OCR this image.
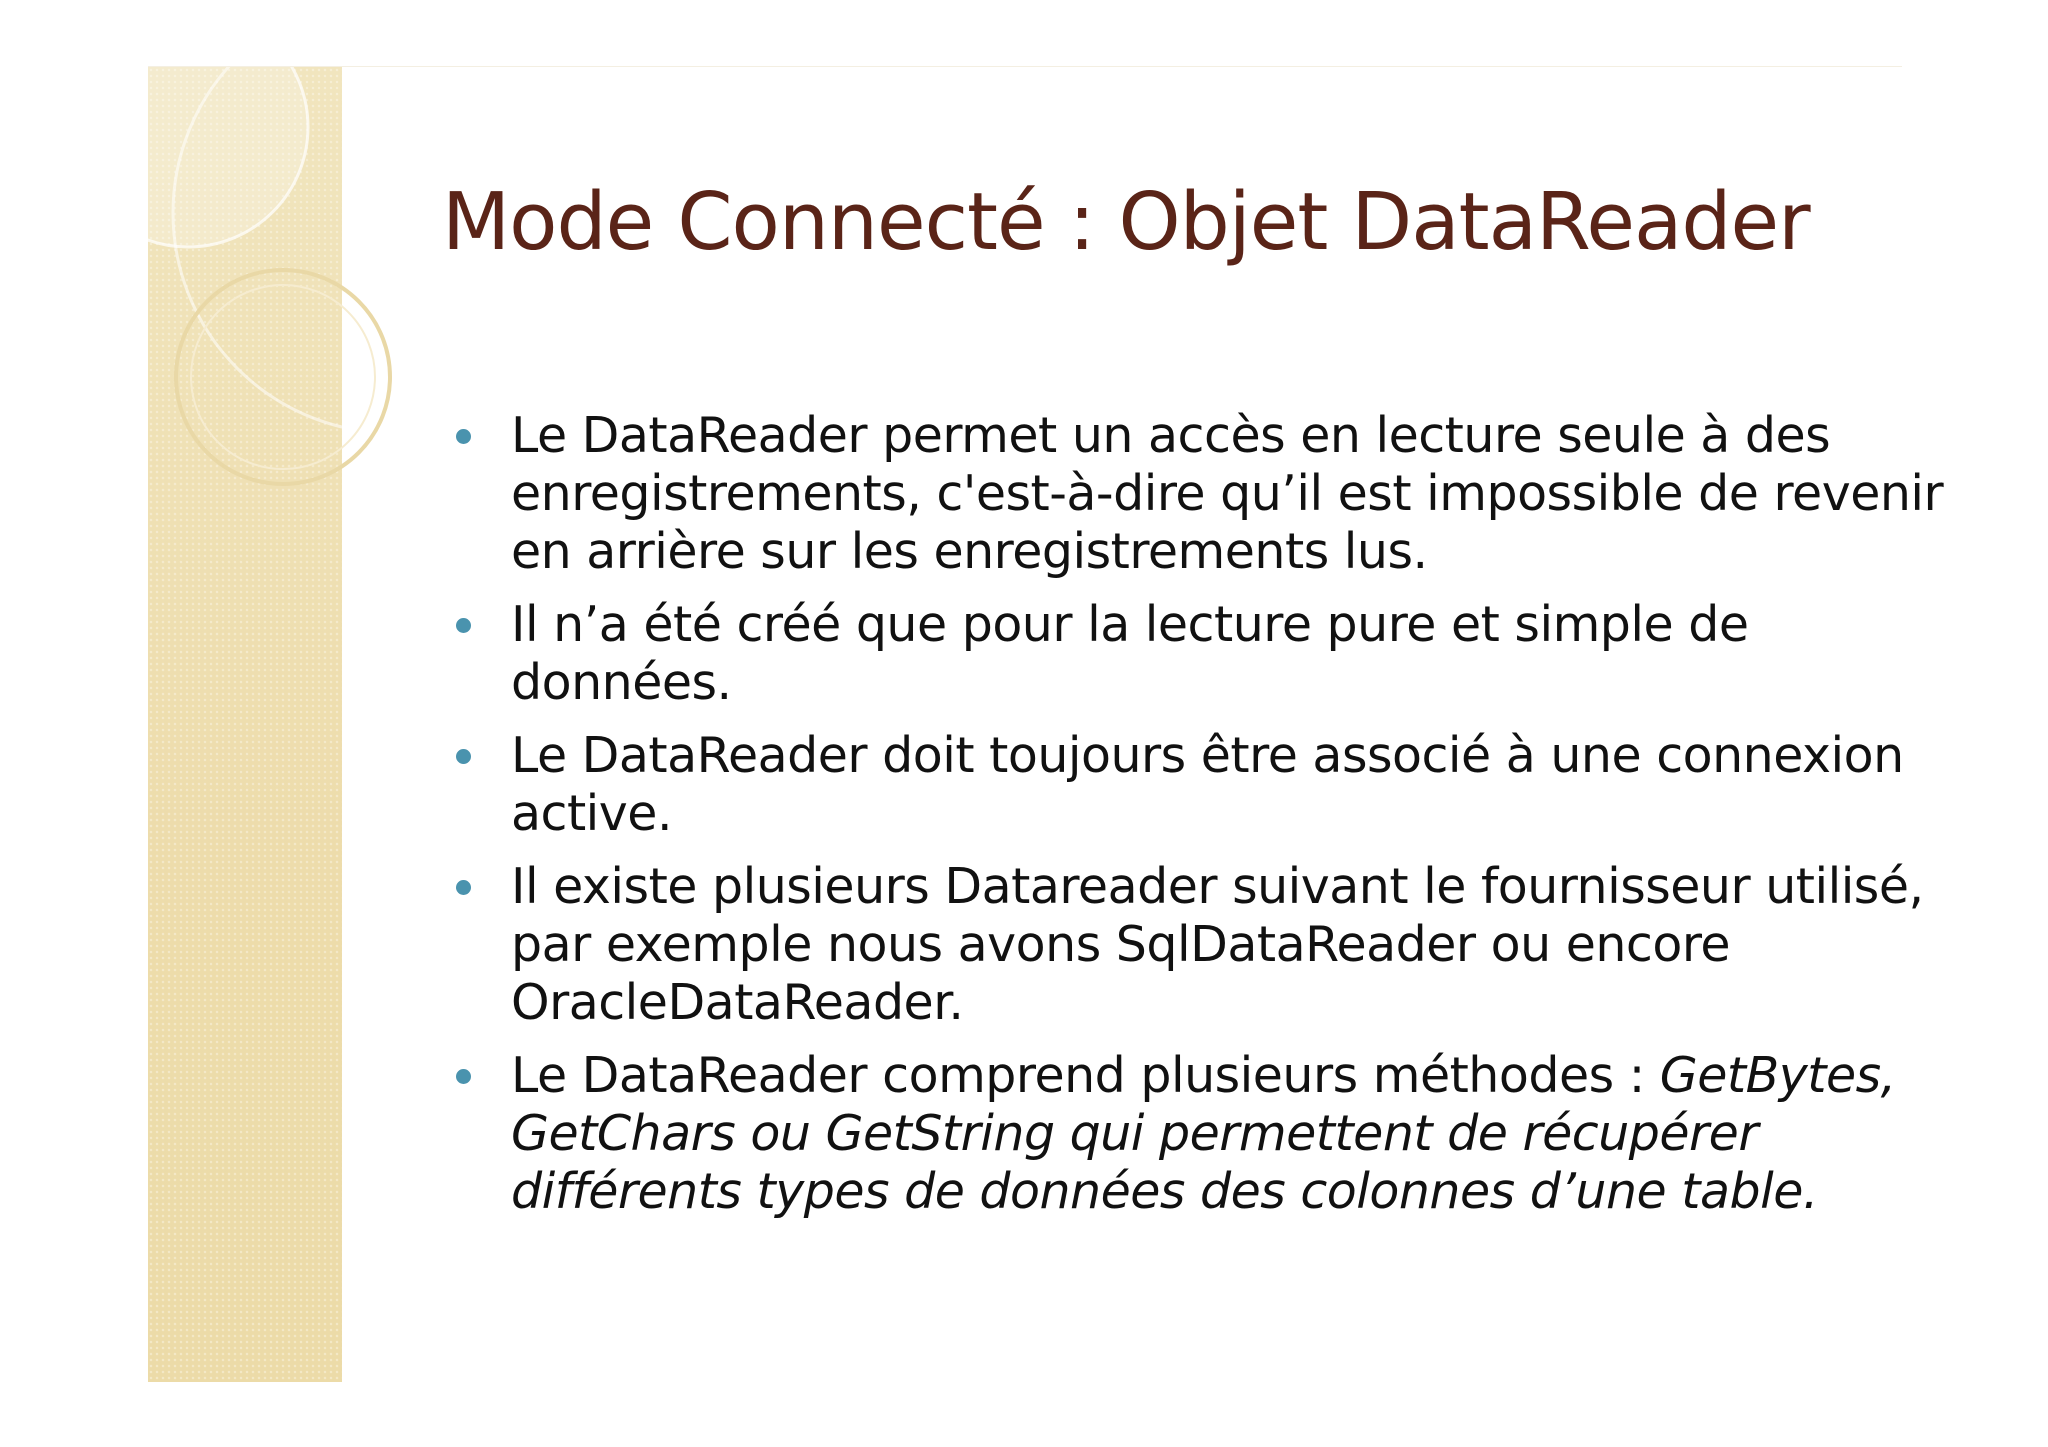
Mode Connecté : Objet DataReader
Le DataReader permet un accès en lecture seule à des enregistrements, c'est-à-dire qu’il est impossible de revenir en arrière sur les enregistrements lus.
Il n’a été créé que pour la lecture pure et simple de données.
Le DataReader doit toujours être associé à une connexion active.
Il existe plusieurs Datareader suivant le fournisseur utilisé, par exemple nous avons SqlDataReader ou encore OracleDataReader.
Le DataReader comprend plusieurs méthodes : GetBytes, GetChars ou GetString qui permettent de récupérer différents types de données des colonnes d’une table.
